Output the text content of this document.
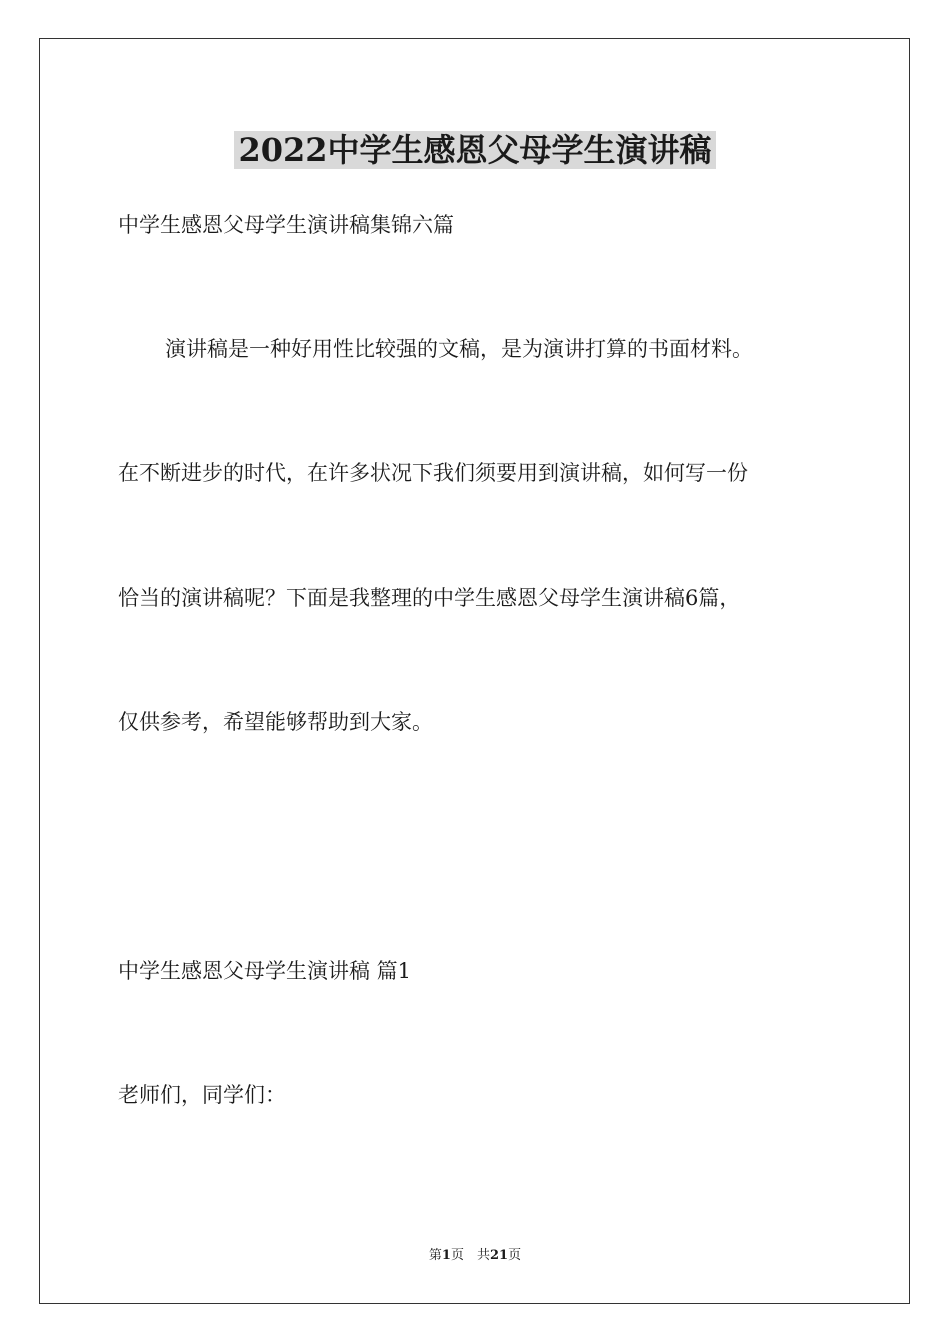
2022中学生感恩父母学生演讲稿

中学生感恩父母学生演讲稿集锦六篇

演讲稿是一种好用性比较强的文稿，是为演讲打算的书面材料。

在不断进步的时代，在许多状况下我们须要用到演讲稿，如何写一份

恰当的演讲稿呢？下面是我整理的中学生感恩父母学生演讲稿6篇，

仅供参考，希望能够帮助到大家。

中学生感恩父母学生演讲稿 篇1

老师们，同学们：

第1页　共21页
